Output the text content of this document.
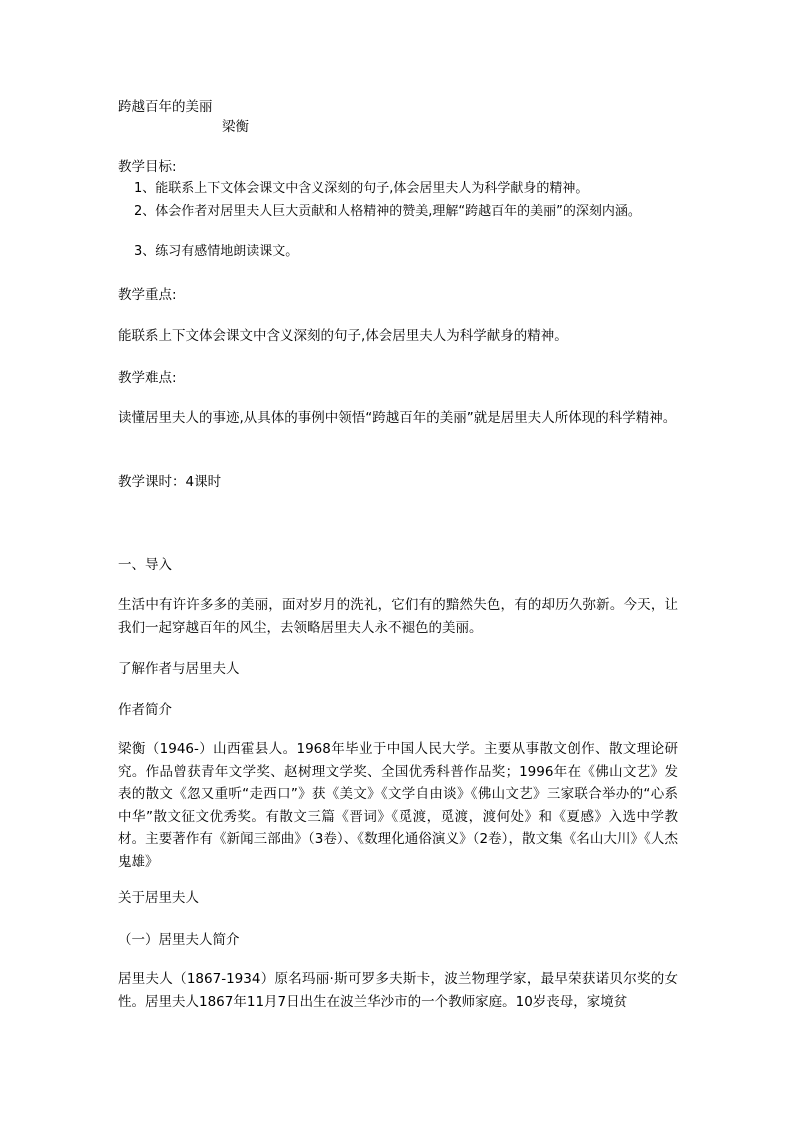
跨越百年的美丽
梁衡
教学目标:
1、能联系上下文体会课文中含义深刻的句子,体会居里夫人为科学献身的精神。
2、体会作者对居里夫人巨大贡献和人格精神的赞美,理解“跨越百年的美丽”的深刻内涵。
3、练习有感情地朗读课文。
教学重点:
能联系上下文体会课文中含义深刻的句子,体会居里夫人为科学献身的精神。
教学难点:
读懂居里夫人的事迹,从具体的事例中领悟“跨越百年的美丽”就是居里夫人所体现的科学精神。
教学课时：4课时
一、导入
生活中有许许多多的美丽，面对岁月的洗礼，它们有的黯然失色，有的却历久弥新。今天，让我们一起穿越百年的风尘，去领略居里夫人永不褪色的美丽。
了解作者与居里夫人
作者简介
梁衡（1946-）山西霍县人。1968年毕业于中国人民大学。主要从事散文创作、散文理论研究。作品曾获青年文学奖、赵树理文学奖、全国优秀科普作品奖；1996年在《佛山文艺》发表的散文《忽又重听“走西口”》获《美文》《文学自由谈》《佛山文艺》三家联合举办的“心系中华”散文征文优秀奖。有散文三篇《晋词》《觅渡，觅渡，渡何处》和《夏感》入选中学教材。主要著作有《新闻三部曲》（3卷）、《数理化通俗演义》（2卷），散文集《名山大川》《人杰鬼雄》
关于居里夫人
（一）居里夫人简介
居里夫人（1867-1934）原名玛丽·斯可罗多夫斯卡，波兰物理学家，最早荣获诺贝尔奖的女性。居里夫人1867年11月7日出生在波兰华沙市的一个教师家庭。10岁丧母，家境贫
